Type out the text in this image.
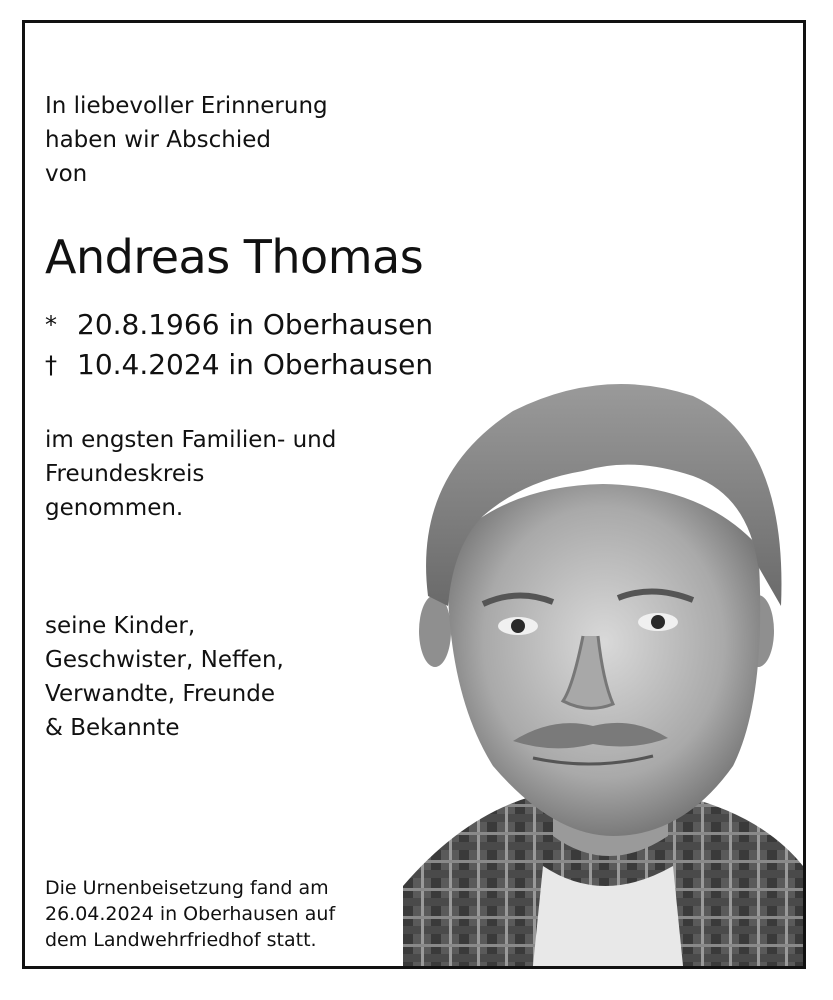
In liebevoller Erinnerung
haben wir Abschied
von

Andreas Thomas
* 20.8.1966 in Oberhausen
† 10.4.2024 in Oberhausen

im engsten Familien- und
Freundeskreis
genommen.

seine Kinder,
Geschwister, Neffen,
Verwandte, Freunde
& Bekannte

Die Urnenbeisetzung fand am
26.04.2024 in Oberhausen auf
dem Landwehrfriedhof statt.
